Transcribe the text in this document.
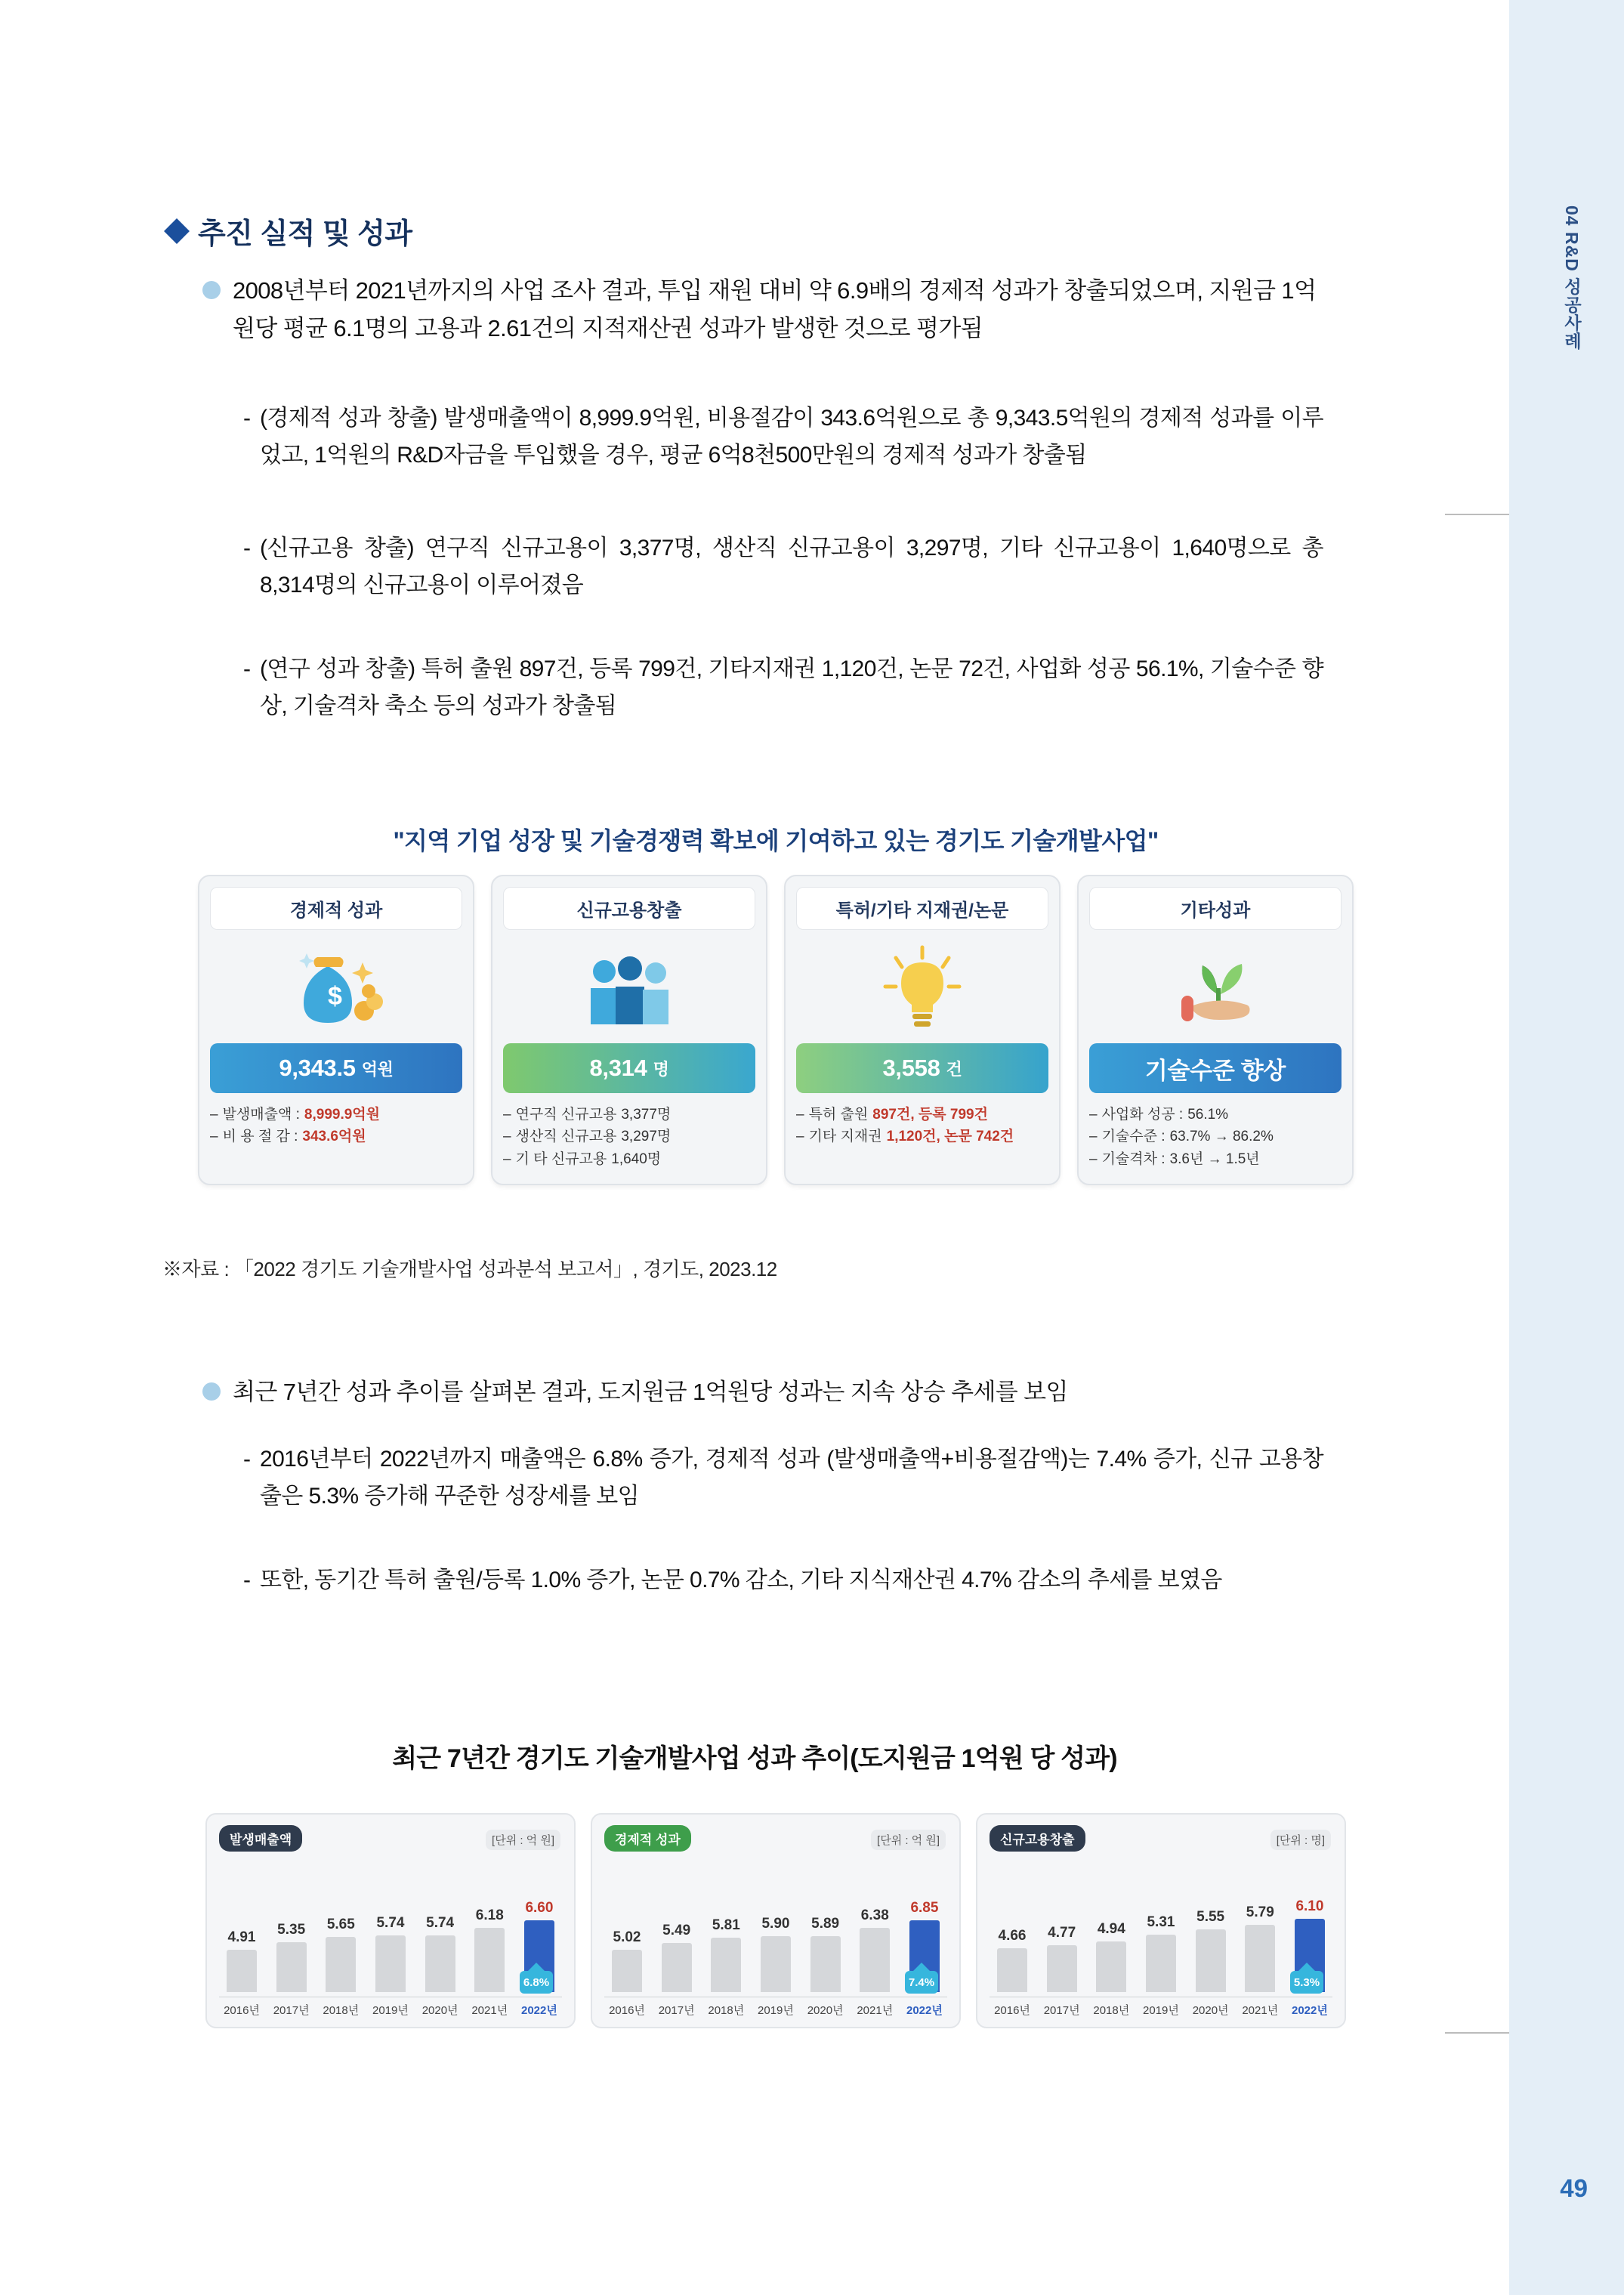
04 R&D 성공사례
49
추진 실적 및 성과
2008년부터 2021년까지의 사업 조사 결과, 투입 재원 대비 약 6.9배의 경제적 성과가 창출되었으며, 지원금 1억 원당 평균 6.1명의 고용과 2.61건의 지적재산권 성과가 발생한 것으로 평가됨
- (경제적 성과 창출) 발생매출액이 8,999.9억원, 비용절감이 343.6억원으로 총 9,343.5억원의 경제적 성과를 이루었고, 1억원의 R&D자금을 투입했을 경우, 평균 6억8천500만원의 경제적 성과가 창출됨
- (신규고용 창출) 연구직 신규고용이 3,377명, 생산직 신규고용이 3,297명, 기타 신규고용이 1,640명으로 총 8,314명의 신규고용이 이루어졌음
- (연구 성과 창출) 특허 출원 897건, 등록 799건, 기타지재권 1,120건, 논문 72건, 사업화 성공 56.1%, 기술수준 향상, 기술격차 축소 등의 성과가 창출됨
"지역 기업 성장 및 기술경쟁력 확보에 기여하고 있는 경기도 기술개발사업"
경제적 성과
$
9,343.5 억원
– 발생매출액 : 8,999.9억원
– 비 용 절 감 : 343.6억원
신규고용창출
8,314 명
– 연구직 신규고용 3,377명
– 생산직 신규고용 3,297명
– 기 타 신규고용 1,640명
특허/기타 지재권/논문
3,558 건
– 특허 출원 897건, 등록 799건
– 기타 지재권 1,120건, 논문 742건
기타성과
기술수준 향상
– 사업화 성공 : 56.1%
– 기술수준 : 63.7% → 86.2%
– 기술격차 : 3.6년 → 1.5년
※자료 : 「2022 경기도 기술개발사업 성과분석 보고서」, 경기도, 2023.12
최근 7년간 성과 추이를 살펴본 결과, 도지원금 1억원당 성과는 지속 상승 추세를 보임
- 2016년부터 2022년까지 매출액은 6.8% 증가, 경제적 성과 (발생매출액+비용절감액)는 7.4% 증가, 신규 고용창출은 5.3% 증가해 꾸준한 성장세를 보임
- 또한, 동기간 특허 출원/등록 1.0% 증가, 논문 0.7% 감소, 기타 지식재산권 4.7% 감소의 추세를 보였음
최근 7년간 경기도 기술개발사업 성과 추이(도지원금 1억원 당 성과)
발생매출액	[단위 : 억 원]
4.91 5.35 5.65 5.74 5.74 6.18 6.60
6.8%
2016년 2017년 2018년 2019년 2020년 2021년 2022년
경제적 성과	[단위 : 억 원]
5.02 5.49 5.81 5.90 5.89
6.38 6.85
7.4%
2016년 2017년 2018년 2019년 2020년 2021년 2022년
신규고용창출	[단위 : 명]
4.66 4.77 4.94 5.31 5.55 5.79 6.10
5.3%
2016년 2017년 2018년 2019년 2020년 2021년 2022년
